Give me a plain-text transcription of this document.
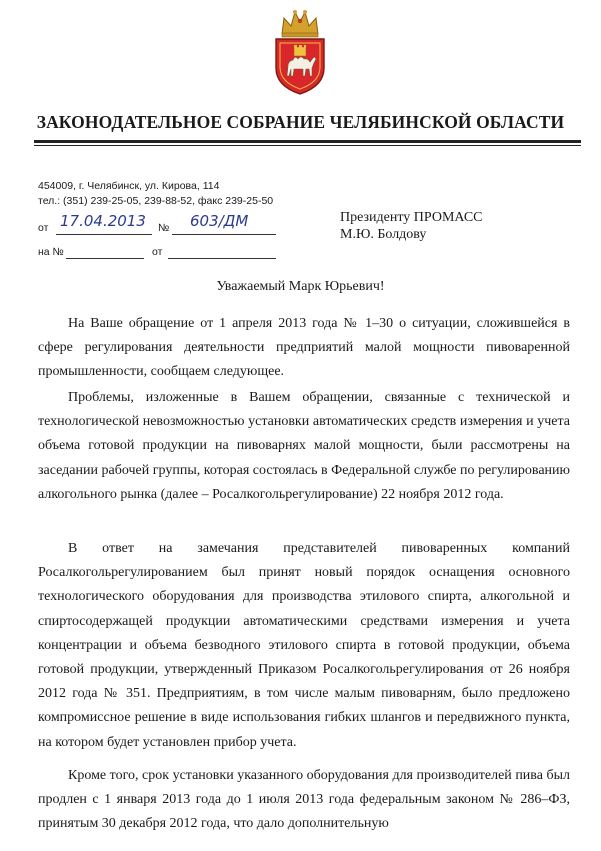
ЗАКОНОДАТЕЛЬНОЕ СОБРАНИЕ ЧЕЛЯБИНСКОЙ ОБЛАСТИ
454009, г. Челябинск, ул. Кирова, 114
тел.: (351) 239-25-05, 239-88-52, факс 239-25-50
от 17.04.2013 № 603/ДМ
на №	от
Президенту ПРОМАСС
М.Ю. Болдову
Уважаемый Марк Юрьевич!

На Ваше обращение от 1 апреля 2013 года № 1–30 о ситуации, сложившейся в сфере регулирования деятельности предприятий малой мощности пивоваренной промышленности, сообщаем следующее.

Проблемы, изложенные в Вашем обращении, связанные с технической и технологической невозможностью установки автоматических средств измерения и учета объема готовой продукции на пивоварнях малой мощности, были рассмотрены на заседании рабочей группы, которая состоялась в Федеральной службе по регулированию алкогольного рынка (далее – Росалкогольрегулирование) 22 ноября 2012 года.

В ответ на замечания представителей пивоваренных компаний Росалкогольрегулированием был принят новый порядок оснащения основного технологического оборудования для производства этилового спирта, алкогольной и спиртосодержащей продукции автоматическими средствами измерения и учета концентрации и объема безводного этилового спирта в готовой продукции, объема готовой продукции, утвержденный Приказом Росалкогольрегулирования от 26 ноября 2012 года № 351. Предприятиям, в том числе малым пивоварням, было предложено компромиссное решение в виде использования гибких шлангов и передвижного пункта, на котором будет установлен прибор учета.

Кроме того, срок установки указанного оборудования для производителей пива был продлен с 1 января 2013 года до 1 июля 2013 года федеральным законом № 286–ФЗ, принятым 30 декабря 2012 года, что дало дополнительную
